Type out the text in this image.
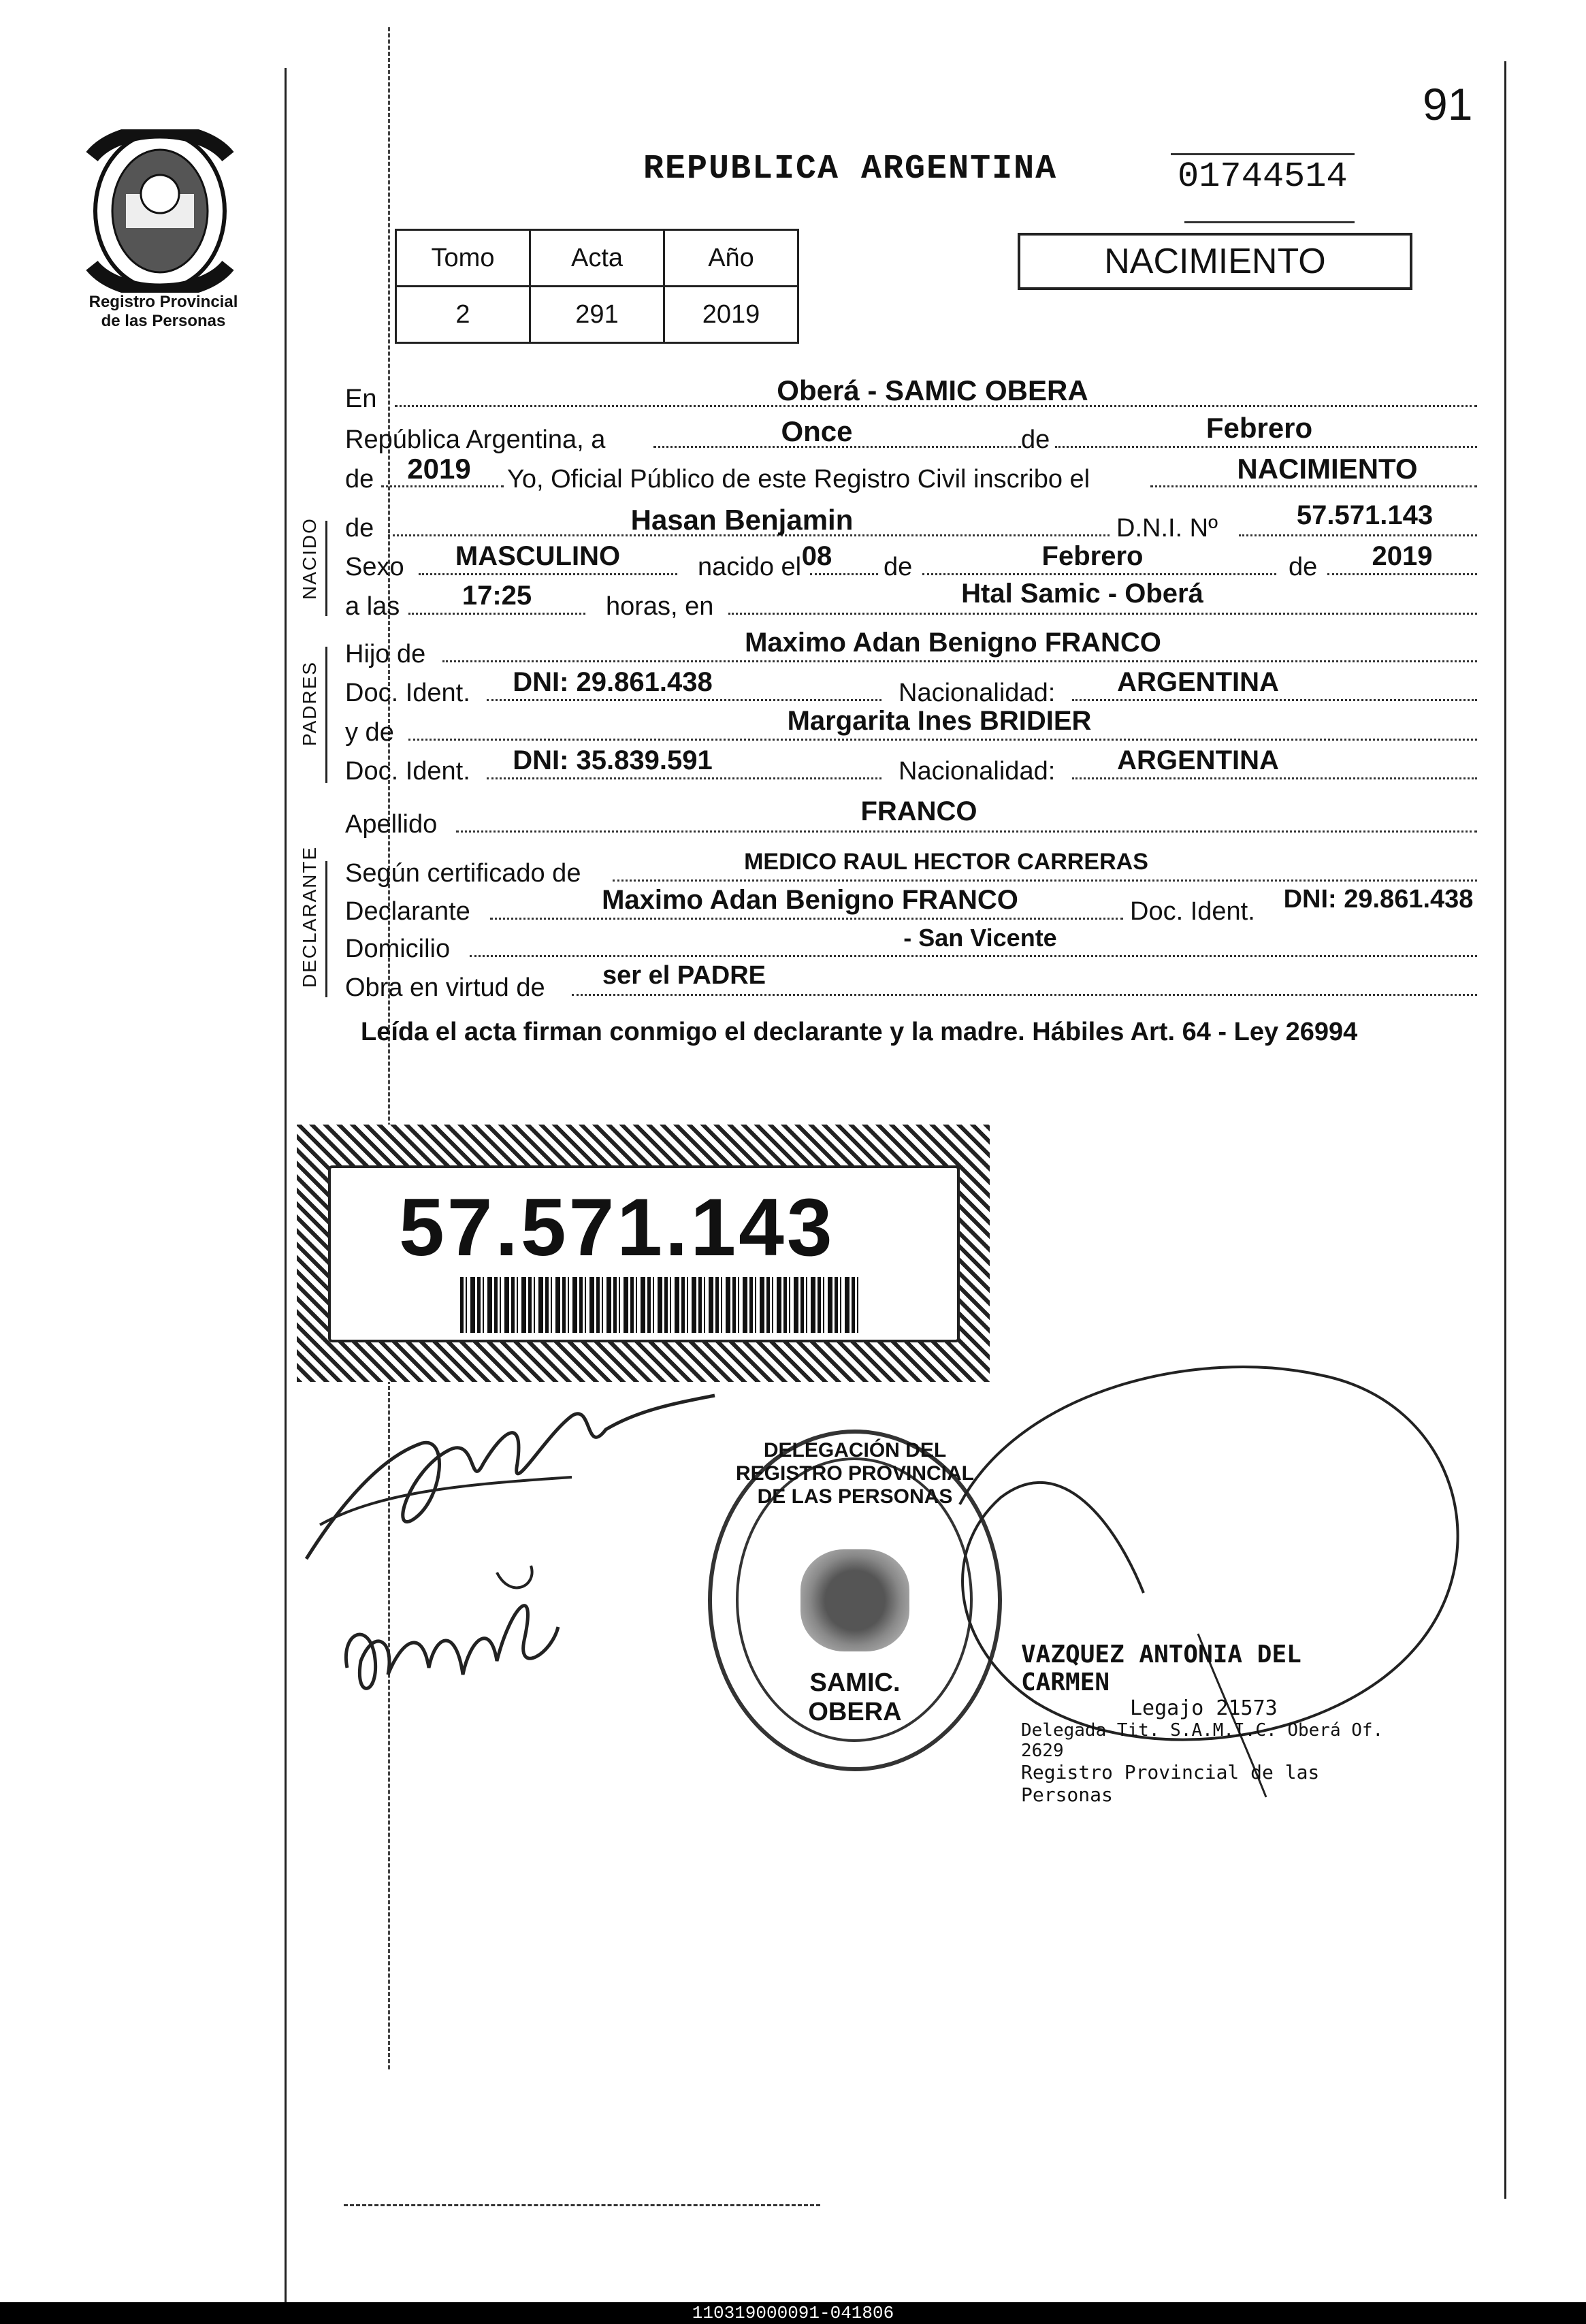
Registro Provincial
de las Personas
91
REPUBLICA ARGENTINA	01744514
Tomo	Acta	Año
2	291	2019
NACIMIENTO
En	Oberá - SAMIC OBERA
República Argentina, a	Once	de	Febrero
de	2019	Yo, Oficial Público de este Registro Civil inscribo el	NACIMIENTO
NACIDO de	Hasan Benjamin	D.N.I. Nº	57.571.143
Sexo	MASCULINO	nacido el 08	de	Febrero	de	2019
a las	17:25	horas, en	Htal Samic - Oberá
PADRES
Hijo de	Maximo Adan Benigno FRANCO
Doc. Ident.	DNI: 29.861.438	Nacionalidad:	ARGENTINA
y de	Margarita Ines BRIDIER
Doc. Ident.	DNI: 35.839.591	Nacionalidad:	ARGENTINA
Apellido	FRANCO
DECLARANTE Según certificado de	MEDICO RAUL HECTOR CARRERAS
Declarante	Maximo Adan Benigno FRANCO	Doc. Ident.	DNI: 29.861.438
Domicilio	- San Vicente
Obra en virtud de	ser el PADRE
Leída el acta firman conmigo el declarante y la madre. Hábiles Art. 64 - Ley 26994
57.571.143
DELEGACIÓN DEL REGISTRO PROVINCIAL DE LAS PERSONAS
SAMIC. OBERA
VAZQUEZ ANTONIA DEL CARMEN
Legajo 21573
Delegada Tit. S.A.M.I.C. Oberá Of. 2629
Registro Provincial de las Personas
110319000091-041806
